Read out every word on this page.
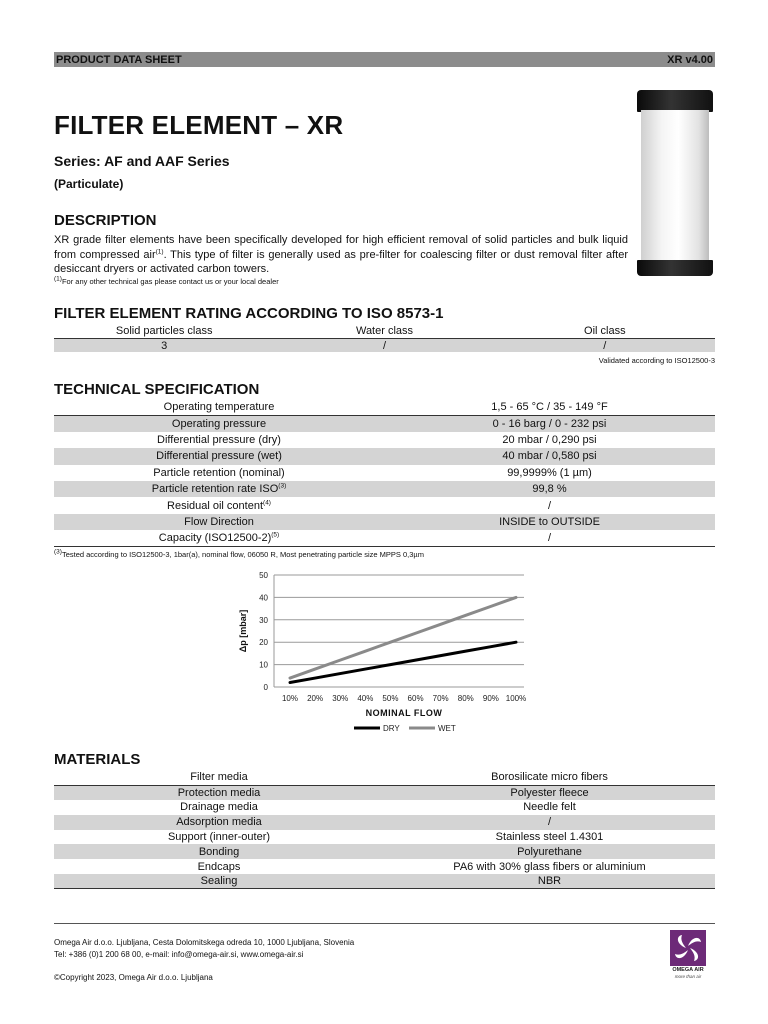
PRODUCT DATA SHEET	XR v4.00
FILTER ELEMENT – XR
Series: AF and AAF Series
(Particulate)
DESCRIPTION
XR grade filter elements have been specifically developed for high efficient removal of solid particles and bulk liquid from compressed air$^{(1)}$. This type of filter is generally used as pre-filter for coalescing filter or dust removal filter after desiccant dryers or activated carbon towers.
$^{(1)}$For any other technical gas please contact us or your local dealer
FILTER ELEMENT RATING ACCORDING TO ISO 8573-1
Solid particles class	Water class	Oil class
3	/	/
Validated according to ISO12500-3
TECHNICAL SPECIFICATION
Operating temperature	1,5 - 65 °C / 35 - 149 °F
Operating pressure	0 - 16 barg / 0 - 232 psi
Differential pressure (dry)	20 mbar / 0,290 psi
Differential pressure (wet)	40 mbar / 0,580 psi
Particle retention (nominal)	99,9999% (1 µm)
Particle retention rate ISO$^{(3)}$	99,8 %
Residual oil content$^{(4)}$	/
Flow Direction	INSIDE to OUTSIDE
Capacity $(ISO12500-2)^{(5)}$	/
$^{(3)}$Tested according to ISO12500-3, 1bar(a), nominal flow, 06050 R, Most penetrating particle size MPPS 0,3µm
0
10
20
30
40
50
10% 20% 30% 40% 50% 60% 70% 80% 90% 100%
NOMINAL FLOW
Δp [mbar]
DRY	WET
MATERIALS
Filter media	Borosilicate micro fibers
Protection media	Polyester fleece
Drainage media	Needle felt
Adsorption media	/
Support (inner-outer)	Stainless steel 1.4301
Bonding	Polyurethane
Endcaps	PA6 with 30% glass fibers or aluminium
Sealing	NBR
Omega Air d.o.o. Ljubljana, Cesta Dolomitskega odreda 10, 1000 Ljubljana, Slovenia
Tel: +386 (0)1 200 68 00, e-mail: info@omega-air.si, www.omega-air.si
©Copyright 2023, Omega Air d.o.o. Ljubljana
OMEGA AIR
more than air
